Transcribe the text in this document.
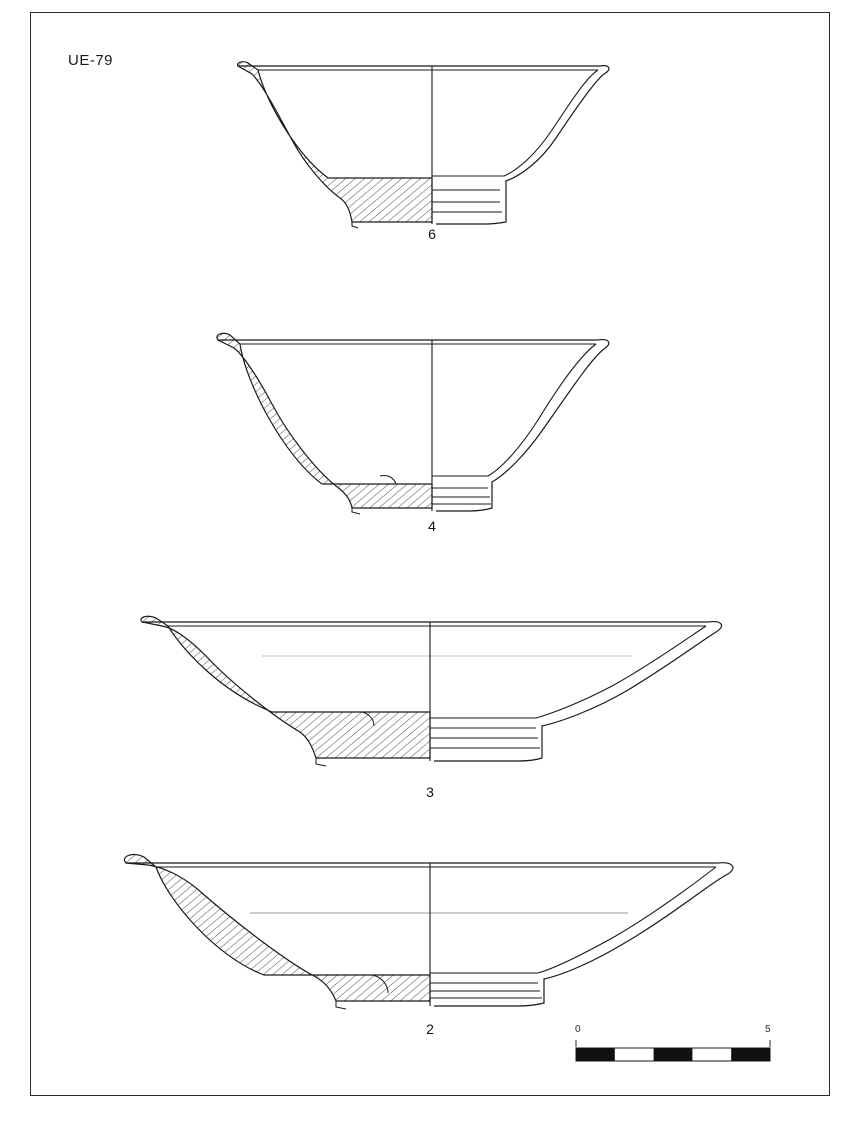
UE-79
6
4
3
2	0	5
